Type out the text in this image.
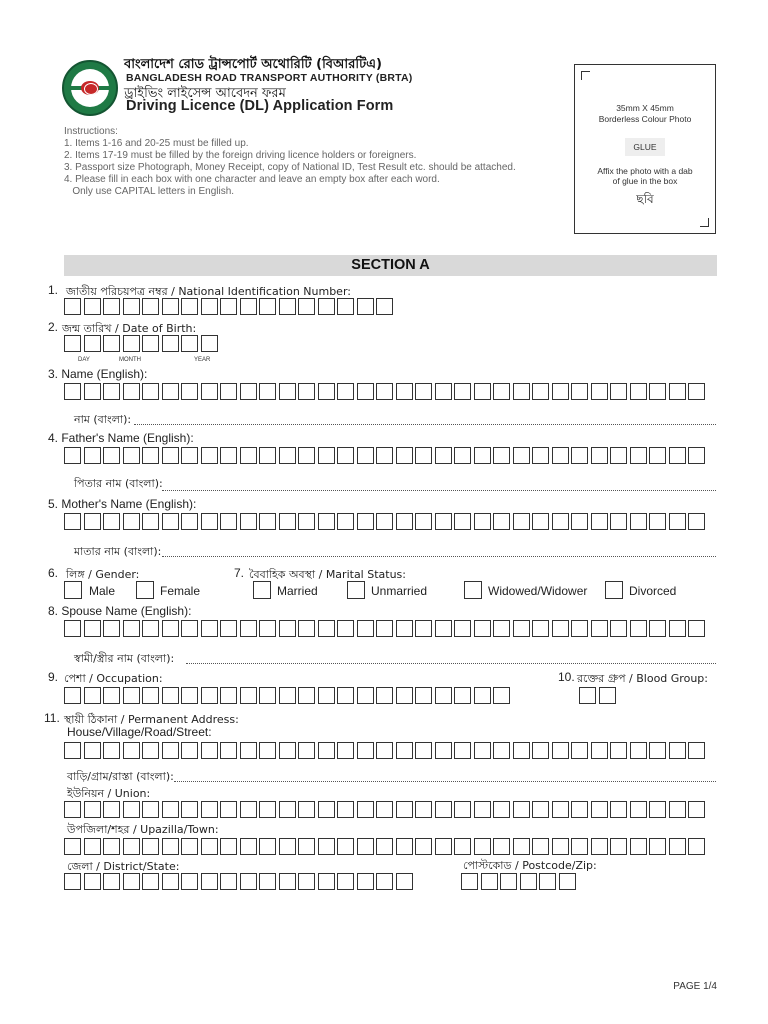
বাংলাদেশ রোড ট্রান্সপোর্ট অথোরিটি (বিআরটিএ)
BANGLADESH ROAD TRANSPORT AUTHORITY (BRTA)
ড্রাইভিং লাইসেন্স আবেদন ফরম
Driving Licence (DL) Application Form
Instructions:
1. Items 1-16 and 20-25 must be filled up.
2. Items 17-19 must be filled by the foreign driving licence holders or foreigners.
3. Passport size Photograph, Money Receipt, copy of National ID, Test Result etc. should be attached.
4. Please fill in each box with one character and leave an empty box after each word.
Only use CAPITAL letters in English.
35mm X 45mm
Borderless Colour Photo
GLUE
Affix the photo with a dab
of glue in the box
ছবি
SECTION A
1. জাতীয় পরিচয়পত্র নম্বর / National Identification Number:
2. জন্ম তারিখ / Date of Birth:
DAY	MONTH	YEAR
3. Name (English):
নাম (বাংলা):
4. Father's Name (English):
পিতার নাম (বাংলা):
5. Mother's Name (English):
মাতার নাম (বাংলা):
6. লিঙ্গ / Gender:	7. বৈবাহিক অবস্থা / Marital Status:
Male	Female	Married	Unmarried	Widowed/Widower	Divorced
8. Spouse Name (English):
স্বামী/স্ত্রীর নাম (বাংলা):
9. পেশা / Occupation:	10. রক্তের গ্রুপ / Blood Group:
11. স্থায়ী ঠিকানা / Permanent Address:
House/Village/Road/Street:
বাড়ি/গ্রাম/রাস্তা (বাংলা):
ইউনিয়ন / Union:
উপজিলা/শহর / Upazilla/Town:
জেলা / District/State:	পোস্টকোড / Postcode/Zip:
PAGE 1/4
